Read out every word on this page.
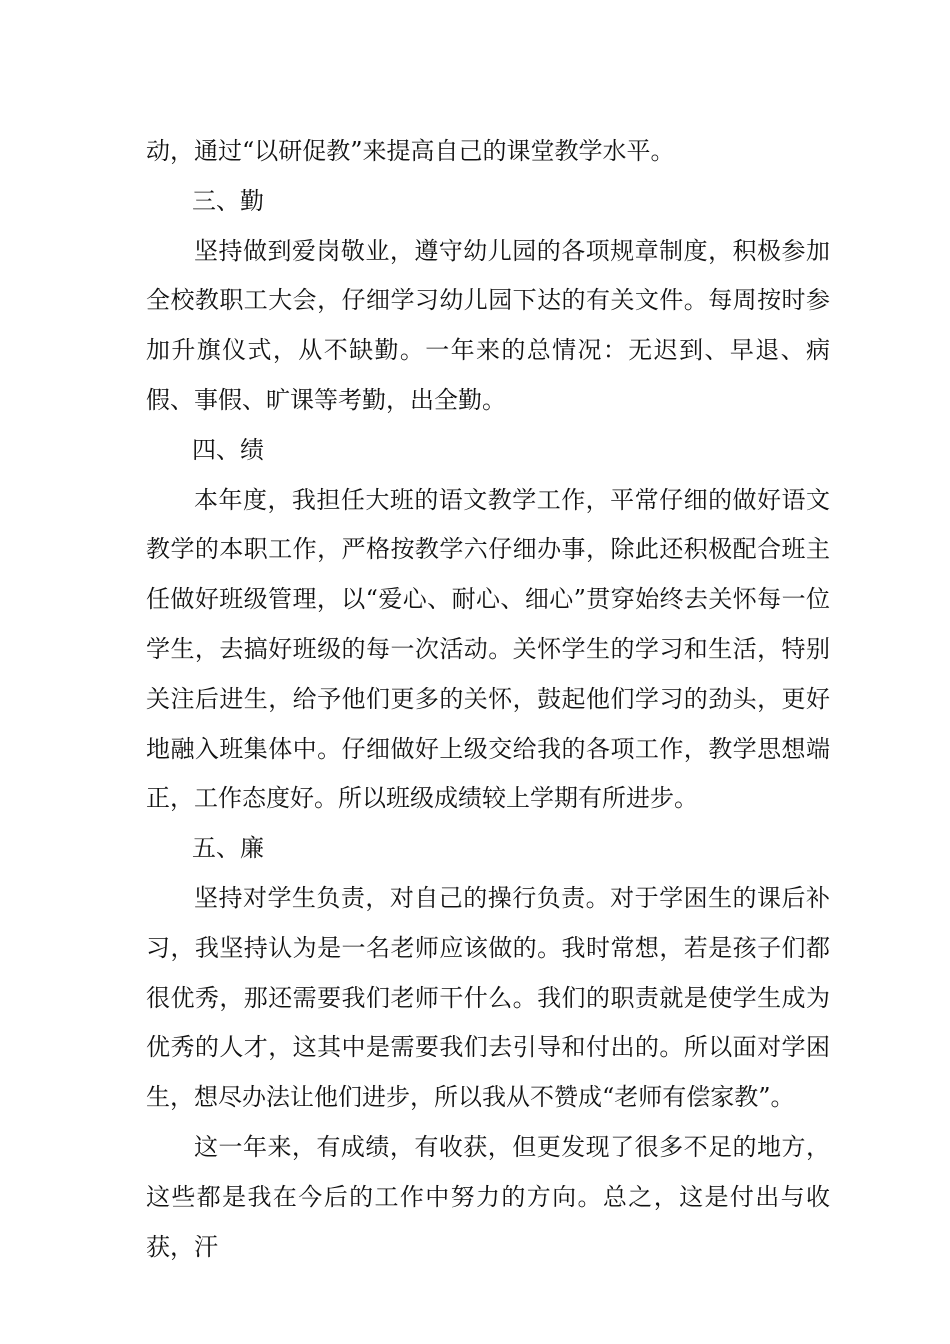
动，通过“以研促教”来提高自己的课堂教学水平。

三、勤

坚持做到爱岗敬业，遵守幼儿园的各项规章制度，积极参加全校教职工大会，仔细学习幼儿园下达的有关文件。每周按时参加升旗仪式，从不缺勤。一年来的总情况：无迟到、早退、病假、事假、旷课等考勤，出全勤。

四、绩

本年度，我担任大班的语文教学工作，平常仔细的做好语文教学的本职工作，严格按教学六仔细办事，除此还积极配合班主任做好班级管理，以“爱心、耐心、细心”贯穿始终去关怀每一位学生，去搞好班级的每一次活动。关怀学生的学习和生活，特别关注后进生，给予他们更多的关怀，鼓起他们学习的劲头，更好地融入班集体中。仔细做好上级交给我的各项工作，教学思想端正，工作态度好。所以班级成绩较上学期有所进步。

五、廉

坚持对学生负责，对自己的操行负责。对于学困生的课后补习，我坚持认为是一名老师应该做的。我时常想，若是孩子们都很优秀，那还需要我们老师干什么。我们的职责就是使学生成为优秀的人才，这其中是需要我们去引导和付出的。所以面对学困生，想尽办法让他们进步，所以我从不赞成“老师有偿家教”。

这一年来，有成绩，有收获，但更发现了很多不足的地方，这些都是我在今后的工作中努力的方向。总之，这是付出与收获，汗
